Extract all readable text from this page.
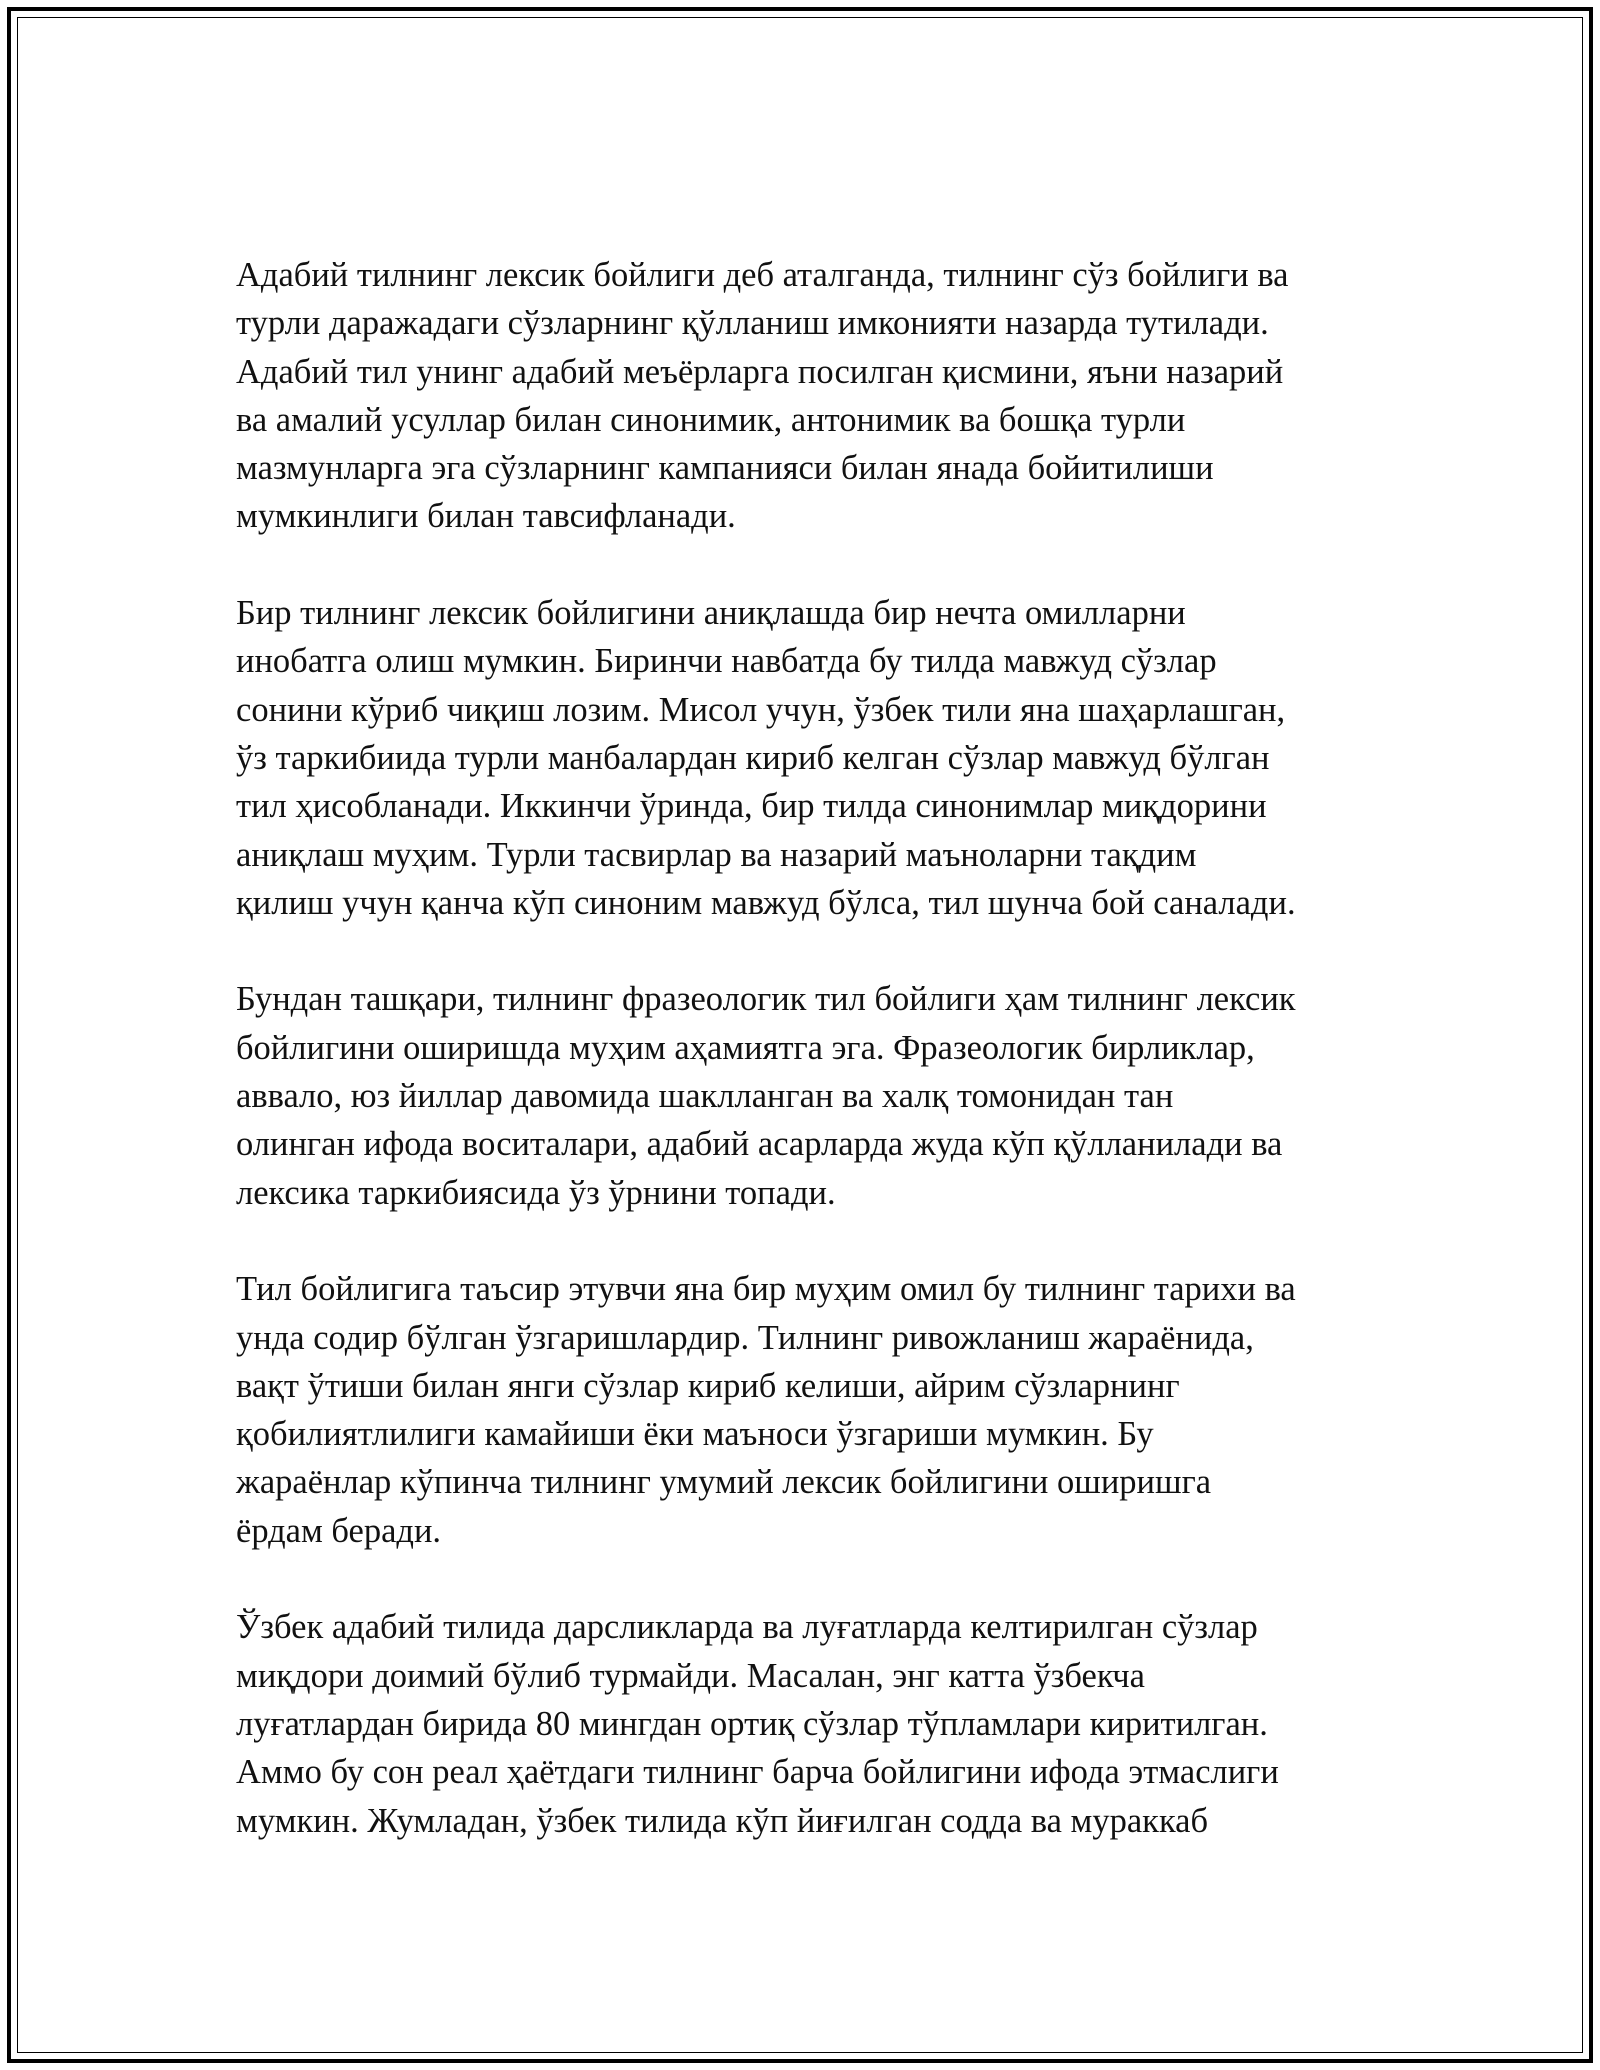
Адабий тилнинг лексик бойлиги деб аталганда, тилнинг сўз бойлиги ва
турли даражадаги сўзларнинг қўлланиш имконияти назарда тутилади.
Адабий тил унинг адабий меъёрларга посилган қисмини, яъни назарий
ва амалий усуллар билан синонимик, антонимик ва бошқа турли
мазмунларга эга сўзларнинг кампанияси билан янада бойитилиши
мумкинлиги билан тавсифланади.
Бир тилнинг лексик бойлигини аниқлашда бир нечта омилларни
инобатга олиш мумкин. Биринчи навбатда бу тилда мавжуд сўзлар
сонини кўриб чиқиш лозим. Мисол учун, ўзбек тили яна шаҳарлашган,
ўз таркибиида турли манбалардан кириб келган сўзлар мавжуд бўлган
тил ҳисобланади. Иккинчи ўринда, бир тилда синонимлар миқдорини
аниқлаш муҳим. Турли тасвирлар ва назарий маъноларни тақдим
қилиш учун қанча кўп синоним мавжуд бўлса, тил шунча бой саналади.
Бундан ташқари, тилнинг фразеологик тил бойлиги ҳам тилнинг лексик
бойлигини оширишда муҳим аҳамиятга эга. Фразеологик бирликлар,
аввало, юз йиллар давомида шаклланган ва халқ томонидан тан
олинган ифода воситалари, адабий асарларда жуда кўп қўлланилади ва
лексика таркибиясида ўз ўрнини топади.
Тил бойлигига таъсир этувчи яна бир муҳим омил бу тилнинг тарихи ва
унда содир бўлган ўзгаришлардир. Тилнинг ривожланиш жараёнида,
вақт ўтиши билан янги сўзлар кириб келиши, айрим сўзларнинг
қобилиятлилиги камайиши ёки маъноси ўзгариши мумкин. Бу
жараёнлар кўпинча тилнинг умумий лексик бойлигини оширишга
ёрдам беради.
Ўзбек адабий тилида дарсликларда ва луғатларда келтирилган сўзлар
миқдори доимий бўлиб турмайди. Масалан, энг катта ўзбекча
луғатлардан бирида 80 мингдан ортиқ сўзлар тўпламлари киритилган.
Аммо бу сон реал ҳаётдаги тилнинг барча бойлигини ифода этмаслиги
мумкин. Жумладан, ўзбек тилида кўп йиғилган содда ва мураккаб
